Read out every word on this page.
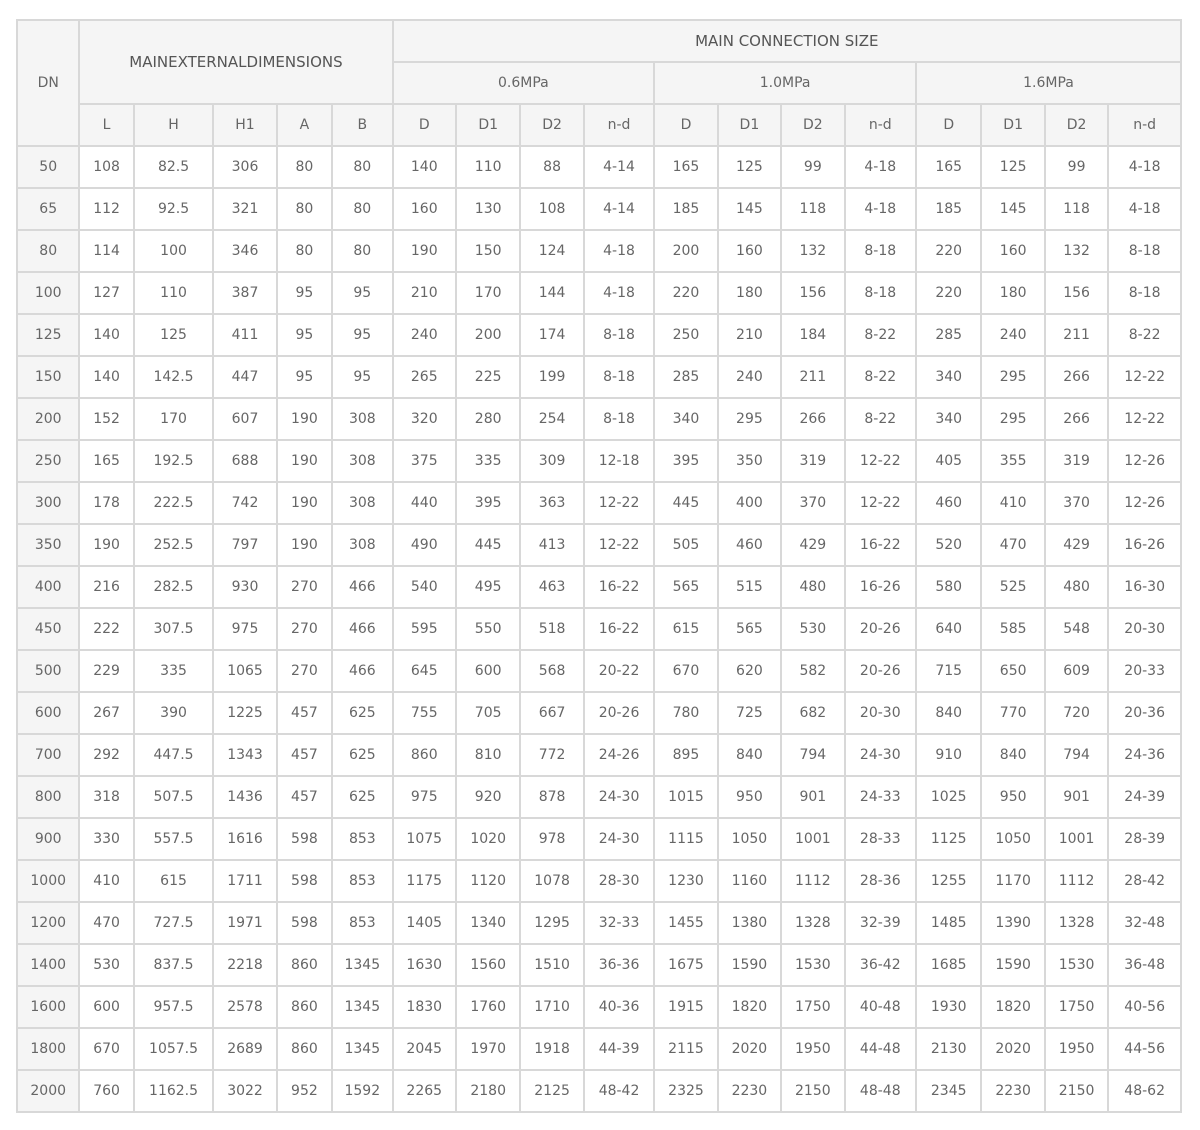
DN	MAINEXTERNALDIMENSIONS					MAIN CONNECTION SIZE											
						0.6MPa				1.0MPa				1.6MPa			
	L	H	H1	A	B	D	D1	D2	n-d	D	D1	D2	n-d	D	D1	D2	n-d
50	108	82.5	306	80	80	140	110	88	4-14	165	125	99	4-18	165	125	99	4-18
65	112	92.5	321	80	80	160	130	108	4-14	185	145	118	4-18	185	145	118	4-18
80	114	100	346	80	80	190	150	124	4-18	200	160	132	8-18	220	160	132	8-18
100	127	110	387	95	95	210	170	144	4-18	220	180	156	8-18	220	180	156	8-18
125	140	125	411	95	95	240	200	174	8-18	250	210	184	8-22	285	240	211	8-22
150	140	142.5	447	95	95	265	225	199	8-18	285	240	211	8-22	340	295	266	12-22
200	152	170	607	190	308	320	280	254	8-18	340	295	266	8-22	340	295	266	12-22
250	165	192.5	688	190	308	375	335	309	12-18	395	350	319	12-22	405	355	319	12-26
300	178	222.5	742	190	308	440	395	363	12-22	445	400	370	12-22	460	410	370	12-26
350	190	252.5	797	190	308	490	445	413	12-22	505	460	429	16-22	520	470	429	16-26
400	216	282.5	930	270	466	540	495	463	16-22	565	515	480	16-26	580	525	480	16-30
450	222	307.5	975	270	466	595	550	518	16-22	615	565	530	20-26	640	585	548	20-30
500	229	335	1065	270	466	645	600	568	20-22	670	620	582	20-26	715	650	609	20-33
600	267	390	1225	457	625	755	705	667	20-26	780	725	682	20-30	840	770	720	20-36
700	292	447.5	1343	457	625	860	810	772	24-26	895	840	794	24-30	910	840	794	24-36
800	318	507.5	1436	457	625	975	920	878	24-30	1015	950	901	24-33	1025	950	901	24-39
900	330	557.5	1616	598	853	1075	1020	978	24-30	1115	1050	1001	28-33	1125	1050	1001	28-39
1000	410	615	1711	598	853	1175	1120	1078	28-30	1230	1160	1112	28-36	1255	1170	1112	28-42
1200	470	727.5	1971	598	853	1405	1340	1295	32-33	1455	1380	1328	32-39	1485	1390	1328	32-48
1400	530	837.5	2218	860	1345	1630	1560	1510	36-36	1675	1590	1530	36-42	1685	1590	1530	36-48
1600	600	957.5	2578	860	1345	1830	1760	1710	40-36	1915	1820	1750	40-48	1930	1820	1750	40-56
1800	670	1057.5	2689	860	1345	2045	1970	1918	44-39	2115	2020	1950	44-48	2130	2020	1950	44-56
2000	760	1162.5	3022	952	1592	2265	2180	2125	48-42	2325	2230	2150	48-48	2345	2230	2150	48-62
